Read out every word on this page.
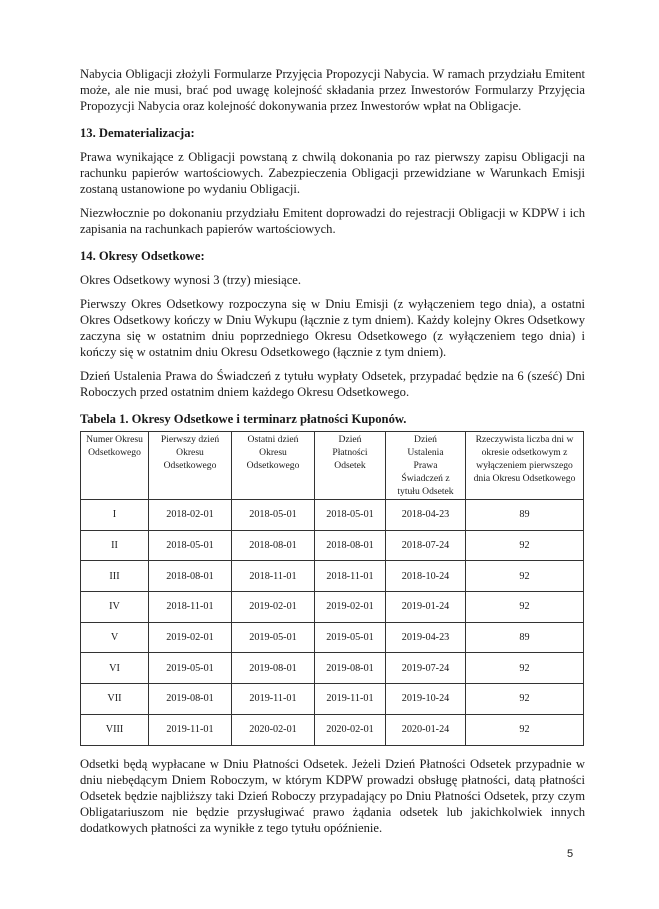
Nabycia Obligacji złożyli Formularze Przyjęcia Propozycji Nabycia. W ramach przydziału Emitent może, ale nie musi, brać pod uwagę kolejność składania przez Inwestorów Formularzy Przyjęcia Propozycji Nabycia oraz kolejność dokonywania przez Inwestorów wpłat na Obligacje.

13. Dematerializacja:

Prawa wynikające z Obligacji powstaną z chwilą dokonania po raz pierwszy zapisu Obligacji na rachunku papierów wartościowych. Zabezpieczenia Obligacji przewidziane w Warunkach Emisji zostaną ustanowione po wydaniu Obligacji.

Niezwłocznie po dokonaniu przydziału Emitent doprowadzi do rejestracji Obligacji w KDPW i ich zapisania na rachunkach papierów wartościowych.

14. Okresy Odsetkowe:

Okres Odsetkowy wynosi 3 (trzy) miesiące.

Pierwszy Okres Odsetkowy rozpoczyna się w Dniu Emisji (z wyłączeniem tego dnia), a ostatni Okres Odsetkowy kończy w Dniu Wykupu (łącznie z tym dniem). Każdy kolejny Okres Odsetkowy zaczyna się w ostatnim dniu poprzedniego Okresu Odsetkowego (z wyłączeniem tego dnia) i kończy się w ostatnim dniu Okresu Odsetkowego (łącznie z tym dniem).

Dzień Ustalenia Prawa do Świadczeń z tytułu wypłaty Odsetek, przypadać będzie na 6 (sześć) Dni Roboczych przed ostatnim dniem każdego Okresu Odsetkowego.

Tabela 1. Okresy Odsetkowe i terminarz płatności Kuponów.
Numer Okresu Odsetkowego	Pierwszy dzień Okresu Odsetkowego	Ostatni dzień Okresu Odsetkowego	Dzień Płatności Odsetek	Dzień Ustalenia Prawa Świadczeń z tytułu Odsetek	Rzeczywista liczba dni w okresie odsetkowym z wyłączeniem pierwszego dnia Okresu Odsetkowego
I	2018-02-01	2018-05-01	2018-05-01	2018-04-23	89
II	2018-05-01	2018-08-01	2018-08-01	2018-07-24	92
III	2018-08-01	2018-11-01	2018-11-01	2018-10-24	92
IV	2018-11-01	2019-02-01	2019-02-01	2019-01-24	92
V	2019-02-01	2019-05-01	2019-05-01	2019-04-23	89
VI	2019-05-01	2019-08-01	2019-08-01	2019-07-24	92
VII	2019-08-01	2019-11-01	2019-11-01	2019-10-24	92
VIII	2019-11-01	2020-02-01	2020-02-01	2020-01-24	92

Odsetki będą wypłacane w Dniu Płatności Odsetek. Jeżeli Dzień Płatności Odsetek przypadnie w dniu niebędącym Dniem Roboczym, w którym KDPW prowadzi obsługę płatności, datą płatności Odsetek będzie najbliższy taki Dzień Roboczy przypadający po Dniu Płatności Odsetek, przy czym Obligatariuszom nie będzie przysługiwać prawo żądania odsetek lub jakichkolwiek innych dodatkowych płatności za wynikłe z tego tytułu opóźnienie.

5
